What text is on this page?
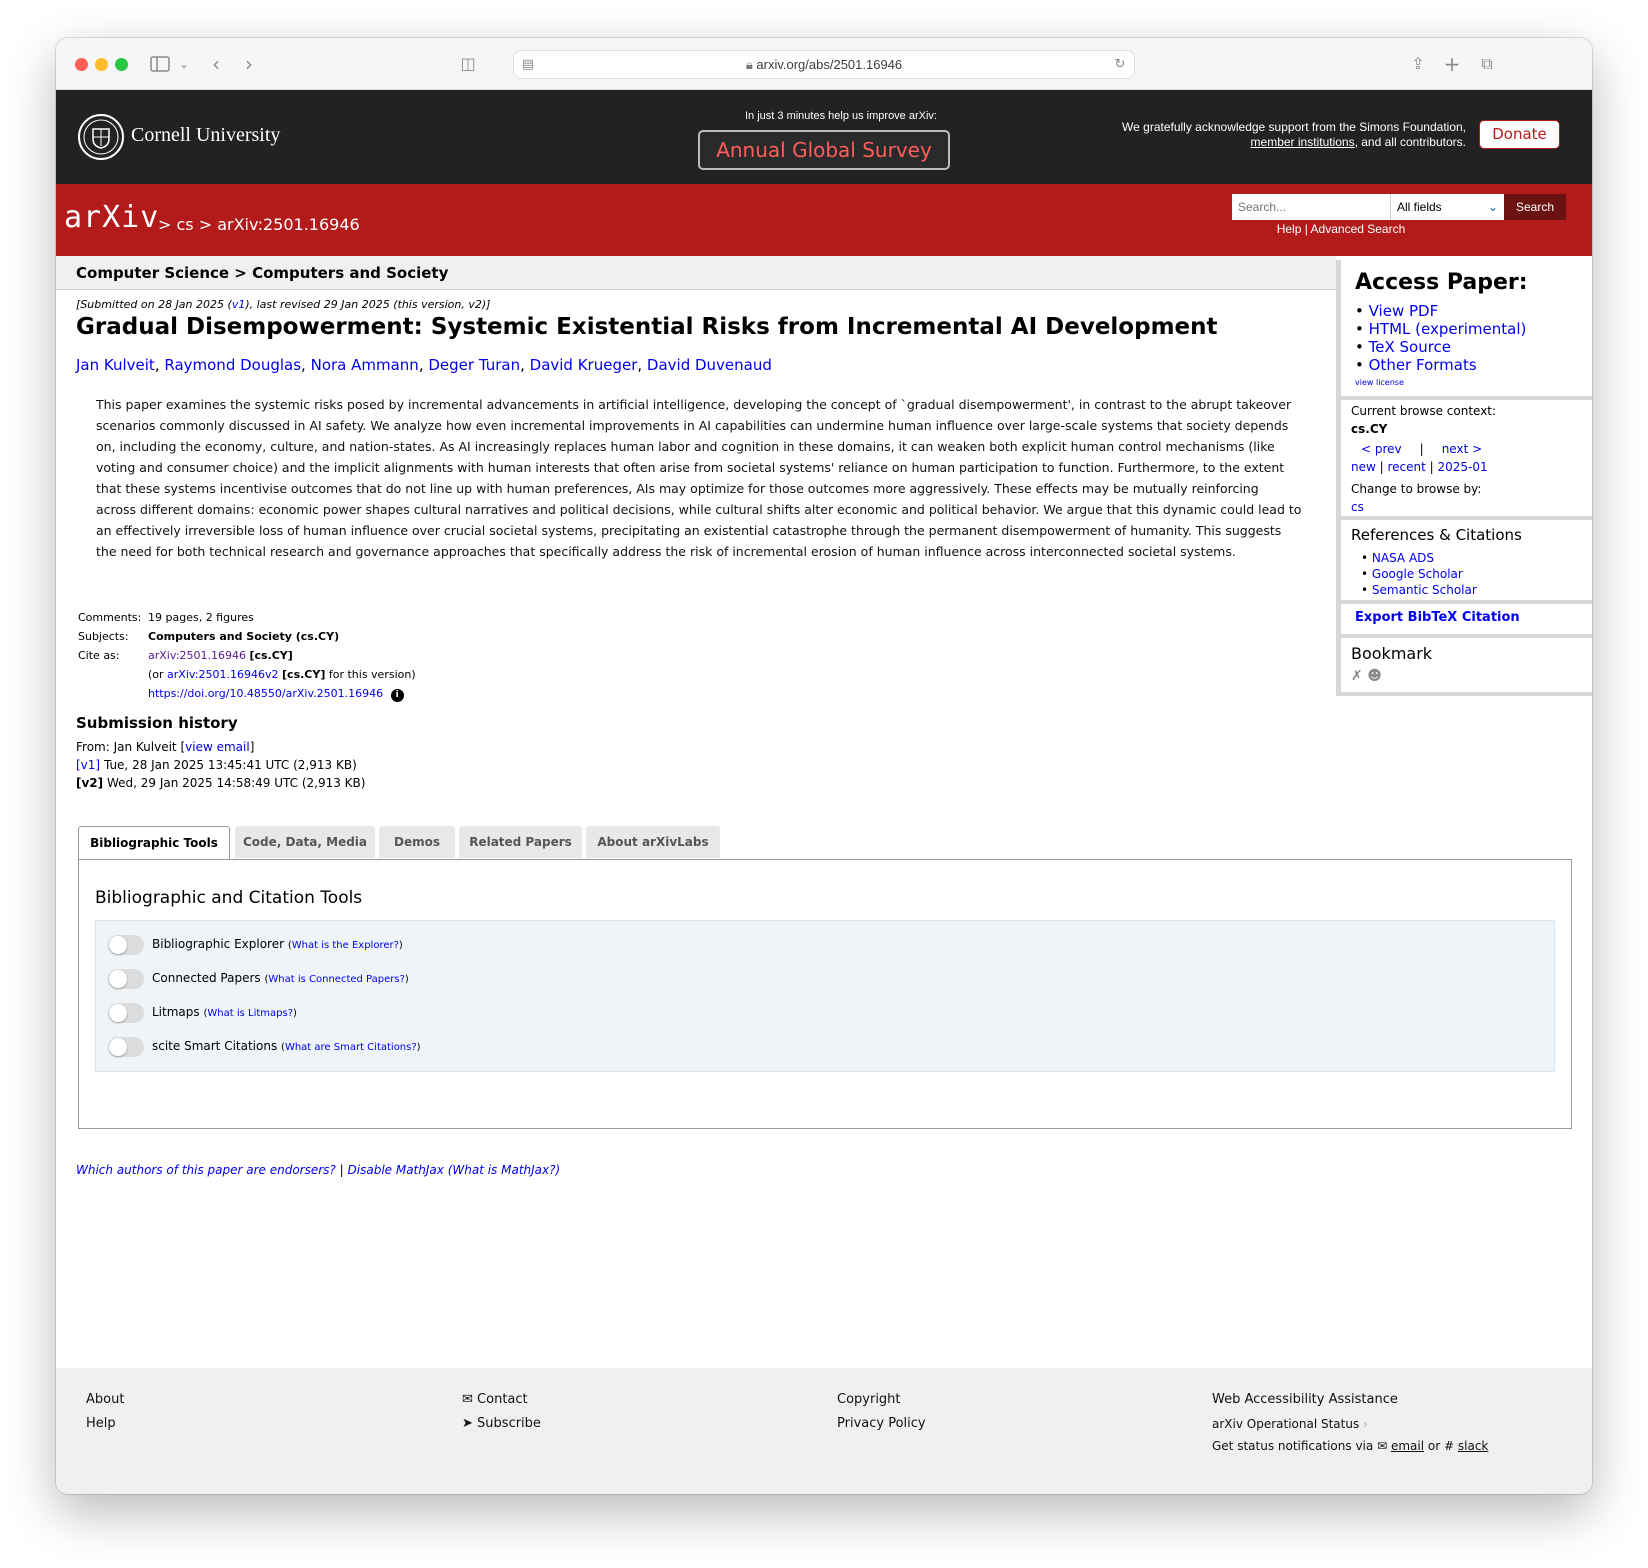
⌄	‹	›	◫	▤	🔒︎ arxiv.org/abs/2501.16946	↻	⇪ +	⧉
Cornell University
In just 3 minutes help us improve arXiv:
Annual Global Survey
We gratefully acknowledge support from the Simons Foundation,
member institutions, and all contributors.	Donate
arXiv
> cs > arXiv:2501.16946
Search...
All fields	⌄	Search
Help | Advanced Search
Computer Science > Computers and Society
[Submitted on 28 Jan 2025 (v1), last revised 29 Jan 2025 (this version, v2)]
Gradual Disempowerment: Systemic Existential Risks from Incremental AI Development
Jan Kulveit, Raymond Douglas, Nora Ammann, Deger Turan, David Krueger, David Duvenaud
This paper examines the systemic risks posed by incremental advancements in artificial intelligence, developing the concept of `gradual disempowerment', in contrast to the abrupt takeover scenarios commonly discussed in AI safety. We analyze how even incremental improvements in AI capabilities can undermine human influence over large-scale systems that society depends on, including the economy, culture, and nation-states. As AI increasingly replaces human labor and cognition in these domains, it can weaken both explicit human control mechanisms (like voting and consumer choice) and the implicit alignments with human interests that often arise from societal systems' reliance on human participation to function. Furthermore, to the extent that these systems incentivise outcomes that do not line up with human preferences, AIs may optimize for those outcomes more aggressively. These effects may be mutually reinforcing across different domains: economic power shapes cultural narratives and political decisions, while cultural shifts alter economic and political behavior. We argue that this dynamic could lead to an effectively irreversible loss of human influence over crucial societal systems, precipitating an existential catastrophe through the permanent disempowerment of humanity. This suggests the need for both technical research and governance approaches that specifically address the risk of incremental erosion of human influence across interconnected societal systems.
Comments: 19 pages, 2 figures
Subjects:	Computers and Society (cs.CY)
Cite as:	arXiv:2501.16946 [cs.CY]
(or arXiv:2501.16946v2 [cs.CY] for this version)
https://doi.org/10.48550/arXiv.2501.16946 i
Submission history
From: Jan Kulveit [view email]
[v1] Tue, 28 Jan 2025 13:45:41 UTC (2,913 KB)
[v2] Wed, 29 Jan 2025 14:58:49 UTC (2,913 KB)
Bibliographic Tools	Code, Data, Media	Demos	Related Papers	About arXivLabs
Bibliographic and Citation Tools
Bibliographic Explorer (What is the Explorer?)
Connected Papers (What is Connected Papers?)
Litmaps (What is Litmaps?)
scite Smart Citations (What are Smart Citations?)
Which authors of this paper are endorsers? | Disable MathJax (What is MathJax?)
Access Paper:
• View PDF
• HTML (experimental)
• TeX Source
• Other Formats
view license
Current browse context:
cs.CY
< prev | next >
new | recent | 2025-01
Change to browse by:
cs
References & Citations
• NASA ADS
• Google Scholar
• Semantic Scholar
Export BibTeX Citation
Bookmark
✗ ☻
About
Help
✉ Contact
➤ Subscribe
Copyright
Privacy Policy
Web Accessibility Assistance
arXiv Operational Status ›
Get status notifications via ✉ email or # slack
